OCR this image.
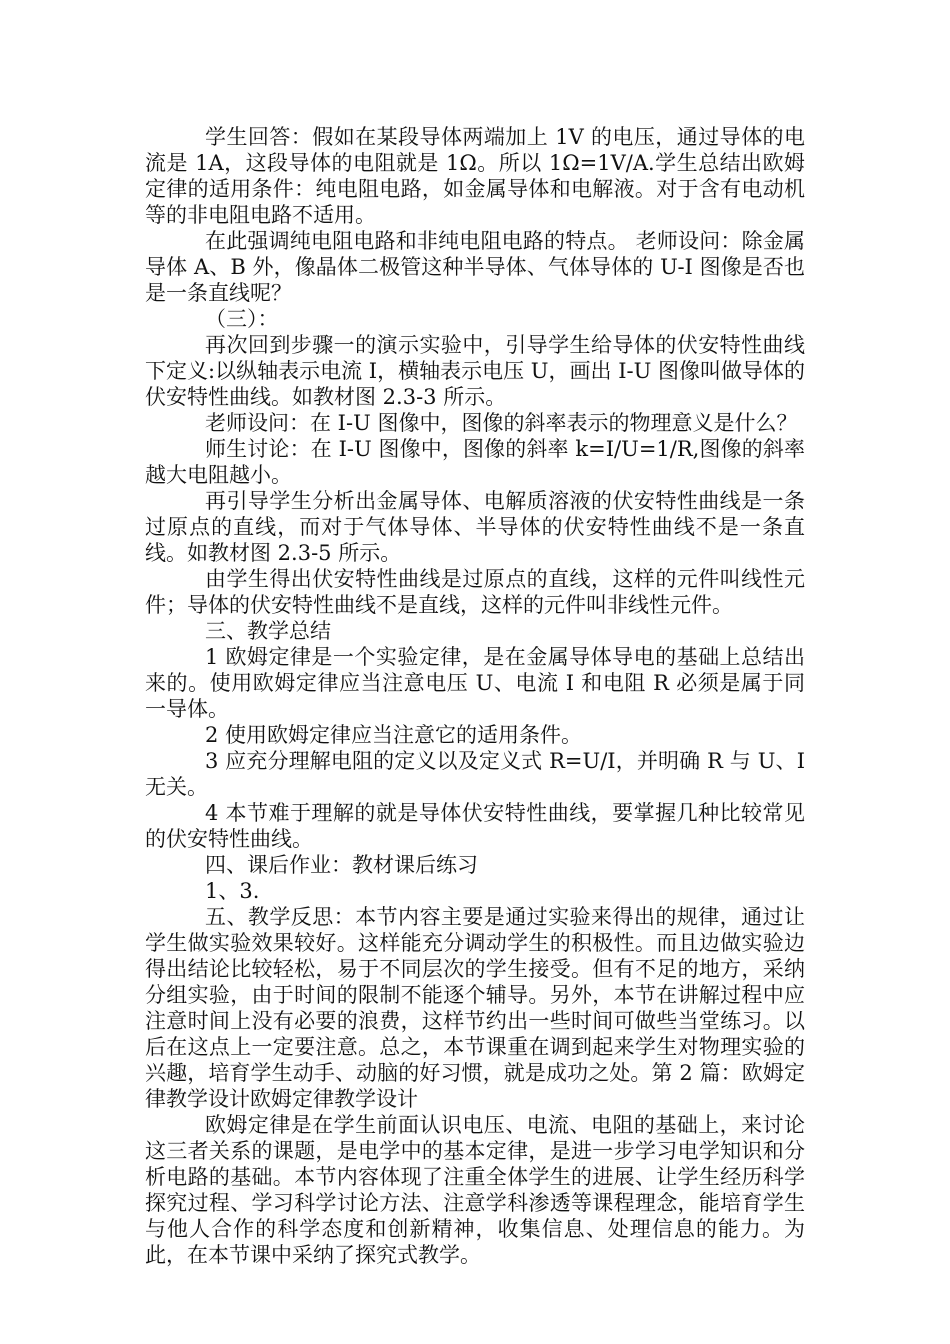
学生回答：假如在某段导体两端加上 1V 的电压，通过导体的电流是 1A，这段导体的电阻就是 1Ω。所以 1Ω=1V/A.学生总结出欧姆定律的适用条件：纯电阻电路，如金属导体和电解液。对于含有电动机等的非电阻电路不适用。

在此强调纯电阻电路和非纯电阻电路的特点。 老师设问：除金属导体 A、B 外，像晶体二极管这种半导体、气体导体的 U-I 图像是否也是一条直线呢？

（三）：

再次回到步骤一的演示实验中，引导学生给导体的伏安特性曲线下定义:以纵轴表示电流 I，横轴表示电压 U，画出 I-U 图像叫做导体的伏安特性曲线。如教材图 2.3-3 所示。

老师设问：在 I-U 图像中，图像的斜率表示的物理意义是什么？

师生讨论：在 I-U 图像中，图像的斜率 k=I/U=1/R,图像的斜率越大电阻越小。

再引导学生分析出金属导体、电解质溶液的伏安特性曲线是一条过原点的直线，而对于气体导体、半导体的伏安特性曲线不是一条直线。如教材图 2.3-5 所示。

由学生得出伏安特性曲线是过原点的直线，这样的元件叫线性元件；导体的伏安特性曲线不是直线，这样的元件叫非线性元件。

三、教学总结

1 欧姆定律是一个实验定律，是在金属导体导电的基础上总结出来的。使用欧姆定律应当注意电压 U、电流 I 和电阻 R 必须是属于同一导体。

2 使用欧姆定律应当注意它的适用条件。

3 应充分理解电阻的定义以及定义式 R=U/I，并明确 R 与 U、I 无关。

4 本节难于理解的就是导体伏安特性曲线，要掌握几种比较常见的伏安特性曲线。

四、课后作业：教材课后练习

1、3.

五、教学反思：本节内容主要是通过实验来得出的规律，通过让学生做实验效果较好。这样能充分调动学生的积极性。而且边做实验边得出结论比较轻松，易于不同层次的学生接受。但有不足的地方，采纳分组实验，由于时间的限制不能逐个辅导。另外，本节在讲解过程中应注意时间上没有必要的浪费，这样节约出一些时间可做些当堂练习。以后在这点上一定要注意。总之，本节课重在调到起来学生对物理实验的兴趣，培育学生动手、动脑的好习惯，就是成功之处。第 2 篇：欧姆定律教学设计欧姆定律教学设计

欧姆定律是在学生前面认识电压、电流、电阻的基础上，来讨论这三者关系的课题，是电学中的基本定律，是进一步学习电学知识和分析电路的基础。本节内容体现了注重全体学生的进展、让学生经历科学探究过程、学习科学讨论方法、注意学科渗透等课程理念，能培育学生与他人合作的科学态度和创新精神，收集信息、处理信息的能力。为此，在本节课中采纳了探究式教学。
